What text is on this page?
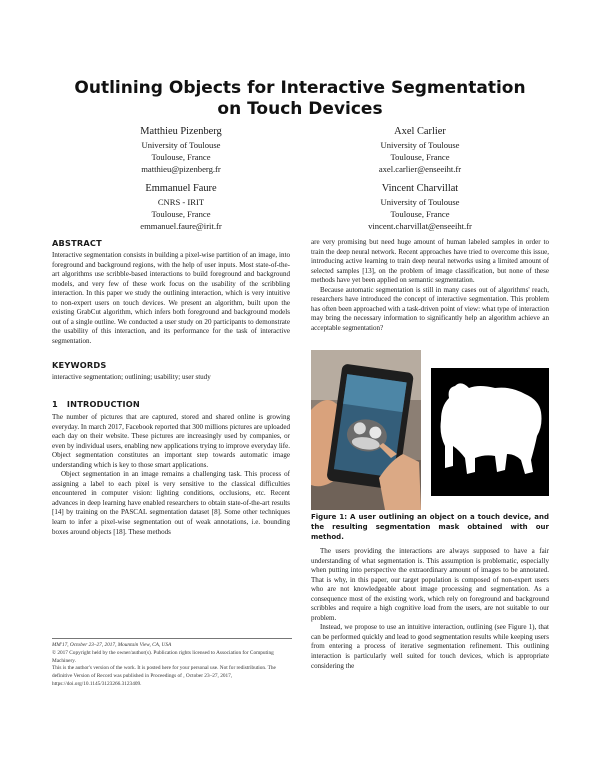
Outlining Objects for Interactive Segmentation on Touch Devices
Matthieu Pizenberg
University of Toulouse
Toulouse, France
matthieu@pizenberg.fr
Axel Carlier
University of Toulouse
Toulouse, France
axel.carlier@enseeiht.fr
Emmanuel Faure
CNRS - IRIT
Toulouse, France
emmanuel.faure@irit.fr
Vincent Charvillat
University of Toulouse
Toulouse, France
vincent.charvillat@enseeiht.fr
ABSTRACT

Interactive segmentation consists in building a pixel-wise partition of an image, into foreground and background regions, with the help of user inputs. Most state-of-the-art algorithms use scribble-based interactions to build foreground and background models, and very few of these work focus on the usability of the scribbling interaction. In this paper we study the outlining interaction, which is very intuitive to non-expert users on touch devices. We present an algorithm, built upon the existing GrabCut algorithm, which infers both foreground and background models out of a single outline. We conducted a user study on 20 participants to demonstrate the usability of this interaction, and its performance for the task of interactive segmentation.

KEYWORDS

interactive segmentation; outlining; usability; user study

1 INTRODUCTION

The number of pictures that are captured, stored and shared online is growing everyday. In march 2017, Facebook reported that 300 millions pictures are uploaded each day on their website. These pictures are increasingly used by companies, or even by individual users, enabling new applications trying to improve everyday life. Object segmentation constitutes an important step towards automatic image understanding which is key to those smart applications.

Object segmentation in an image remains a challenging task. This process of assigning a label to each pixel is very sensitive to the classical difficulties encountered in computer vision: lighting conditions, occlusions, etc. Recent advances in deep learning have enabled researchers to obtain state-of-the-art results [14] by training on the PASCAL segmentation dataset [8]. Some other techniques learn to infer a pixel-wise segmentation out of weak annotations, i.e. bounding boxes around objects [18]. These methods

MM'17, October 23–27, 2017, Mountain View, CA, USA

© 2017 Copyright held by the owner/author(s). Publication rights licensed to Association for Computing Machinery.

This is the author's version of the work. It is posted here for your personal use. Not for redistribution. The definitive Version of Record was published in Proceedings of , October 23–27, 2017, https://doi.org/10.1145/3123266.3123409.

are very promising but need huge amount of human labeled samples in order to train the deep neural network. Recent approaches have tried to overcome this issue, introducing active learning to train deep neural networks using a limited amount of selected samples [13], on the problem of image classification, but none of these methods have yet been applied on semantic segmentation.

Because automatic segmentation is still in many cases out of algorithms' reach, researchers have introduced the concept of interactive segmentation. This problem has often been approached with a task-driven point of view: what type of interaction may bring the necessary information to significantly help an algorithm achieve an acceptable segmentation?

Figure 1: A user outlining an object on a touch device, and the resulting segmentation mask obtained with our method.

The users providing the interactions are always supposed to have a fair understanding of what segmentation is. This assumption is problematic, especially when putting into perspective the extraordinary amount of images to be annotated. That is why, in this paper, our target population is composed of non-expert users who are not knowledgeable about image processing and segmentation. As a consequence most of the existing work, which rely on foreground and background scribbles and require a high cognitive load from the users, are not suitable to our problem.

Instead, we propose to use an intuitive interaction, outlining (see Figure 1), that can be performed quickly and lead to good segmentation results while keeping users from entering a process of iterative segmentation refinement. This outlining interaction is particularly well suited for touch devices, which is appropriate considering the
